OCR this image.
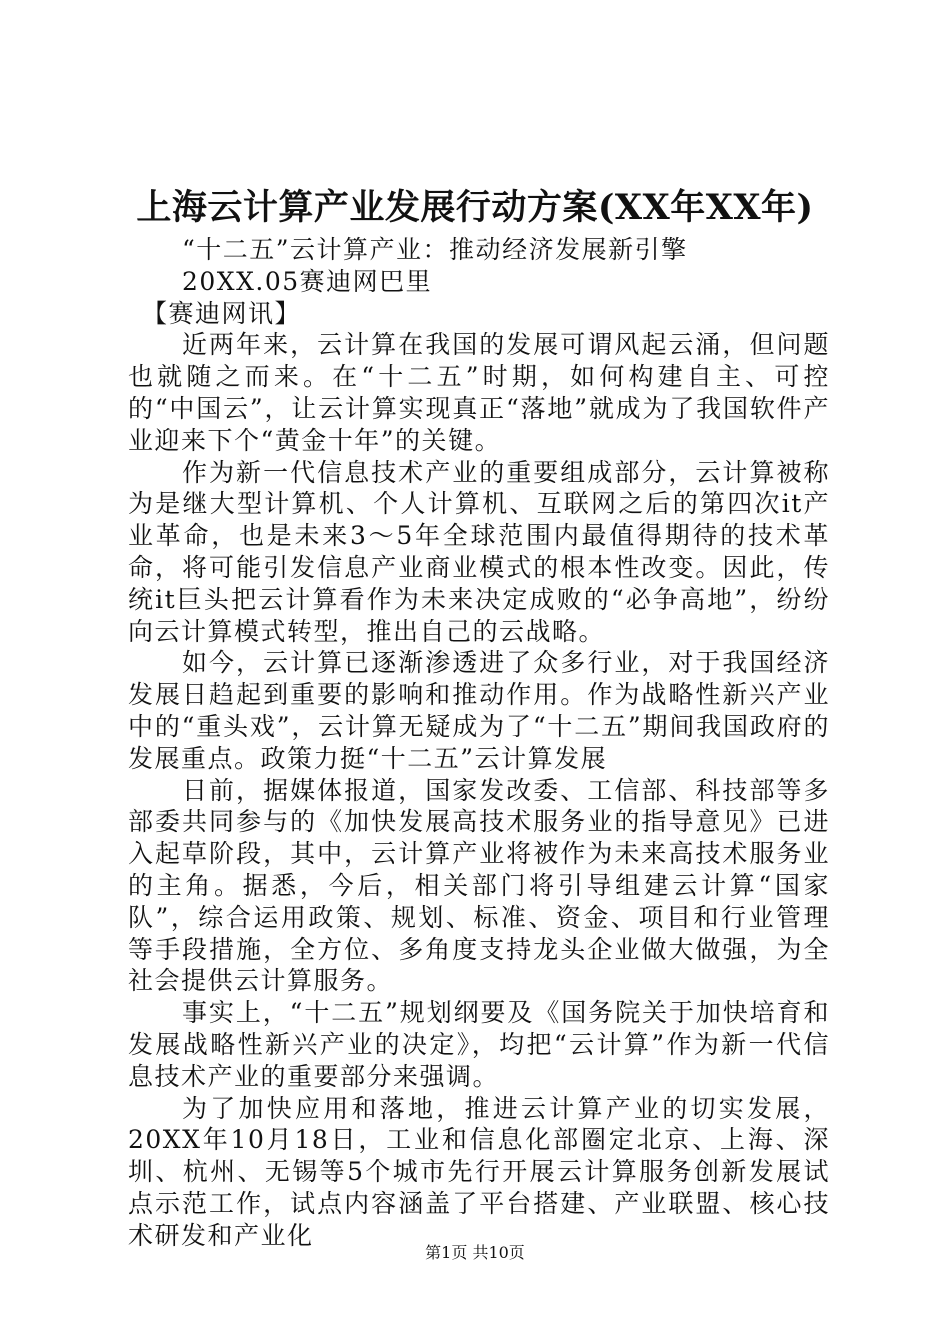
上海云计算产业发展行动方案(XX年XX年)

“十二五”云计算产业：推动经济发展新引擎

20XX.05赛迪网巴里

【赛迪网讯】

近两年来，云计算在我国的发展可谓风起云涌，但问题也就随之而来。在“十二五”时期，如何构建自主、可控的“中国云”，让云计算实现真正“落地”就成为了我国软件产业迎来下个“黄金十年”的关键。

作为新一代信息技术产业的重要组成部分，云计算被称为是继大型计算机、个人计算机、互联网之后的第四次it产业革命，也是未来3～5年全球范围内最值得期待的技术革命，将可能引发信息产业商业模式的根本性改变。因此，传统it巨头把云计算看作为未来决定成败的“必争高地”，纷纷向云计算模式转型，推出自己的云战略。

如今，云计算已逐渐渗透进了众多行业，对于我国经济发展日趋起到重要的影响和推动作用。作为战略性新兴产业中的“重头戏”，云计算无疑成为了“十二五”期间我国政府的发展重点。政策力挺“十二五”云计算发展

日前，据媒体报道，国家发改委、工信部、科技部等多部委共同参与的《加快发展高技术服务业的指导意见》已进入起草阶段，其中，云计算产业将被作为未来高技术服务业的主角。据悉，今后，相关部门将引导组建云计算“国家队”，综合运用政策、规划、标准、资金、项目和行业管理等手段措施，全方位、多角度支持龙头企业做大做强，为全社会提供云计算服务。

事实上，“十二五”规划纲要及《国务院关于加快培育和发展战略性新兴产业的决定》，均把“云计算”作为新一代信息技术产业的重要部分来强调。

为了加快应用和落地，推进云计算产业的切实发展，20XX年10月18日，工业和信息化部圈定北京、上海、深圳、杭州、无锡等5个城市先行开展云计算服务创新发展试点示范工作，试点内容涵盖了平台搭建、产业联盟、核心技术研发和产业化

第1页 共10页
